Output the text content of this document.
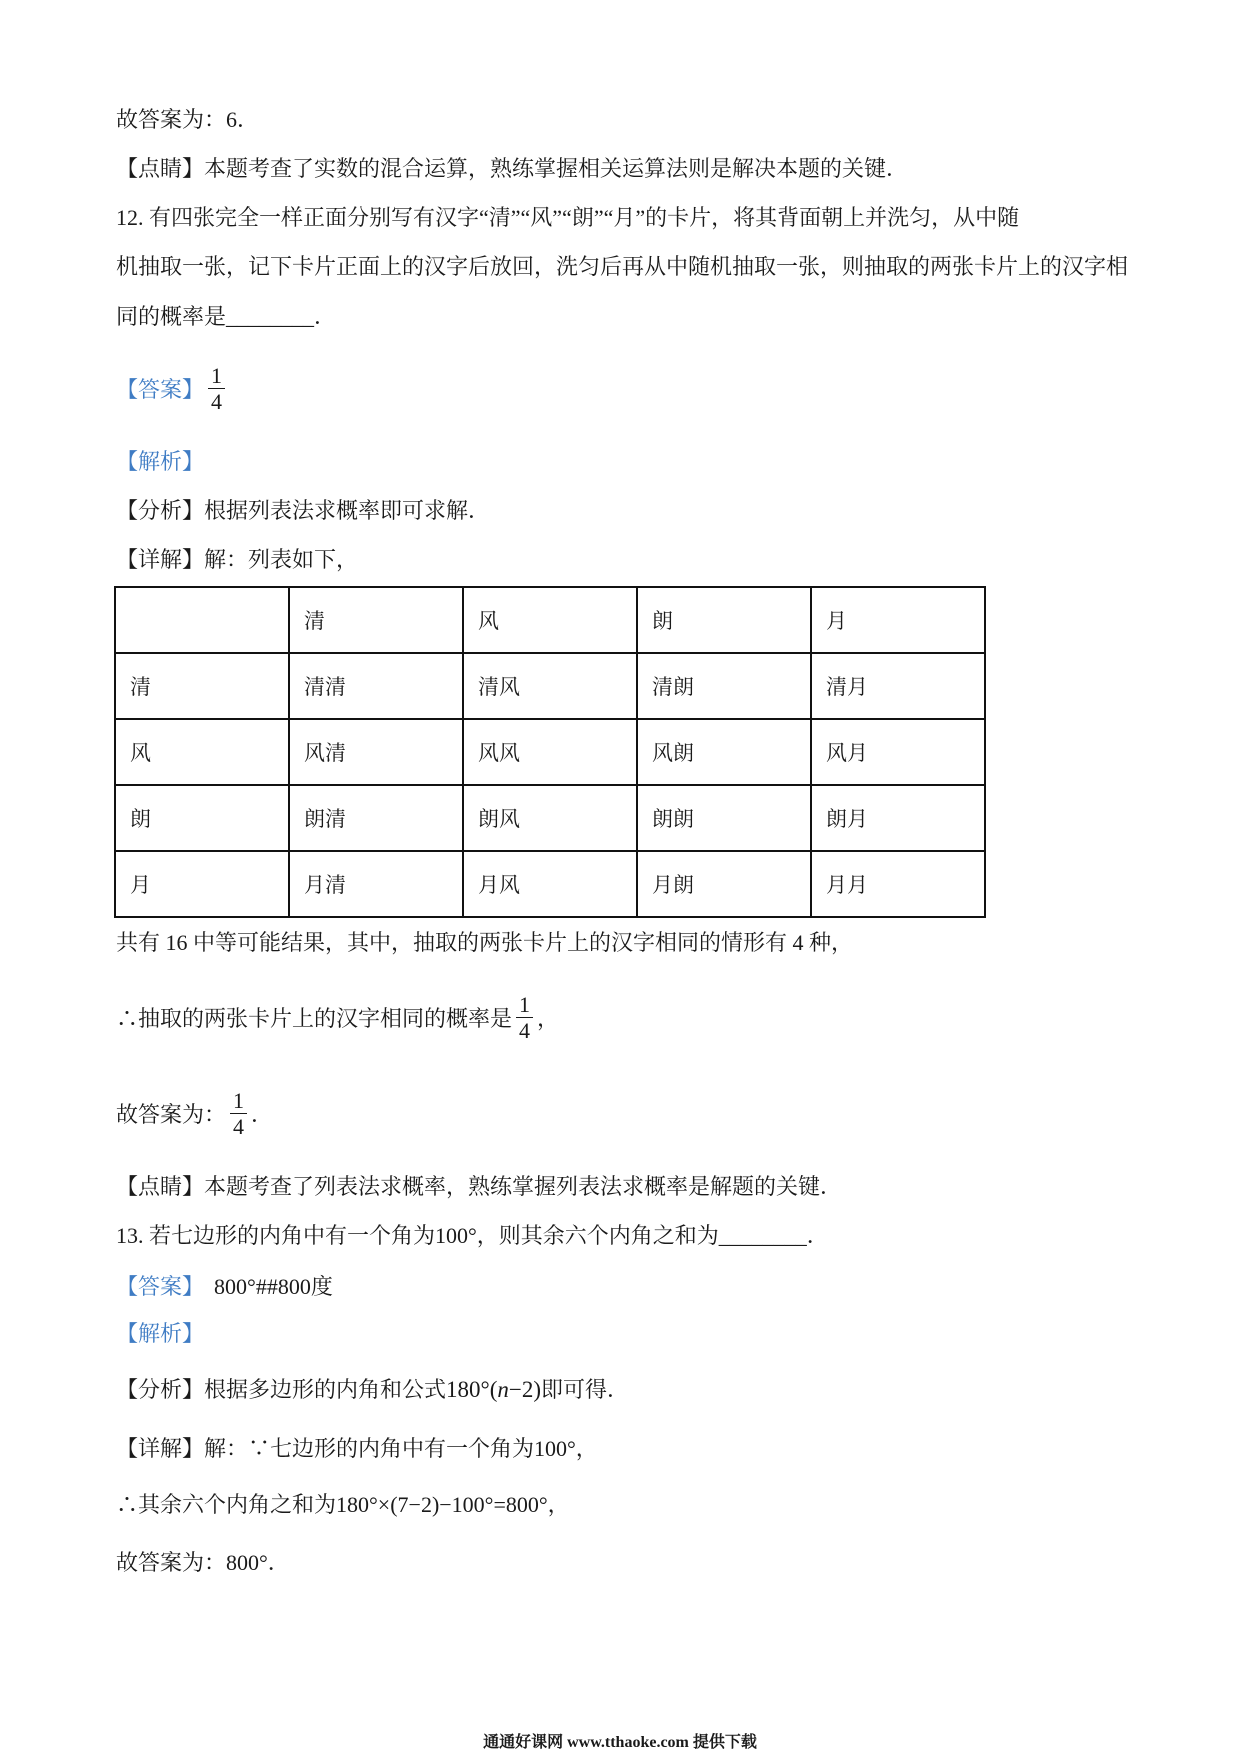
故答案为：6．
【点睛】本题考查了实数的混合运算，熟练掌握相关运算法则是解决本题的关键．
12. 有四张完全一样正面分别写有汉字“清”“风”“朗”“月”的卡片，将其背面朝上并洗匀，从中随
机抽取一张，记下卡片正面上的汉字后放回，洗匀后再从中随机抽取一张，则抽取的两张卡片上的汉字相
同的概率是________．
【答案】 $\frac{1}{4}$
【解析】
【分析】根据列表法求概率即可求解．
【详解】解：列表如下，
	清	风	朗	月
清	清清	清风	清朗	清月
风	风清	风风	风朗	风月
朗	朗清	朗风	朗朗	朗月
月	月清	月风	月朗	月月
共有 16 中等可能结果，其中，抽取的两张卡片上的汉字相同的情形有 4 种，
∴抽取的两张卡片上的汉字相同的概率是 $\frac{1}{4}$ ，
故答案为： $\frac{1}{4}$ ．
【点睛】本题考查了列表法求概率，熟练掌握列表法求概率是解题的关键．
13. 若七边形的内角中有一个角为100°，则其余六个内角之和为________．
【答案】 800°##800度
【解析】
【分析】根据多边形的内角和公式180°(n−2)即可得．
【详解】解：∵七边形的内角中有一个角为100°，
∴其余六个内角之和为180°×(7−2)−100°=800°，
故答案为：800°．
通通好课网 www.tthaoke.com 提供下载
